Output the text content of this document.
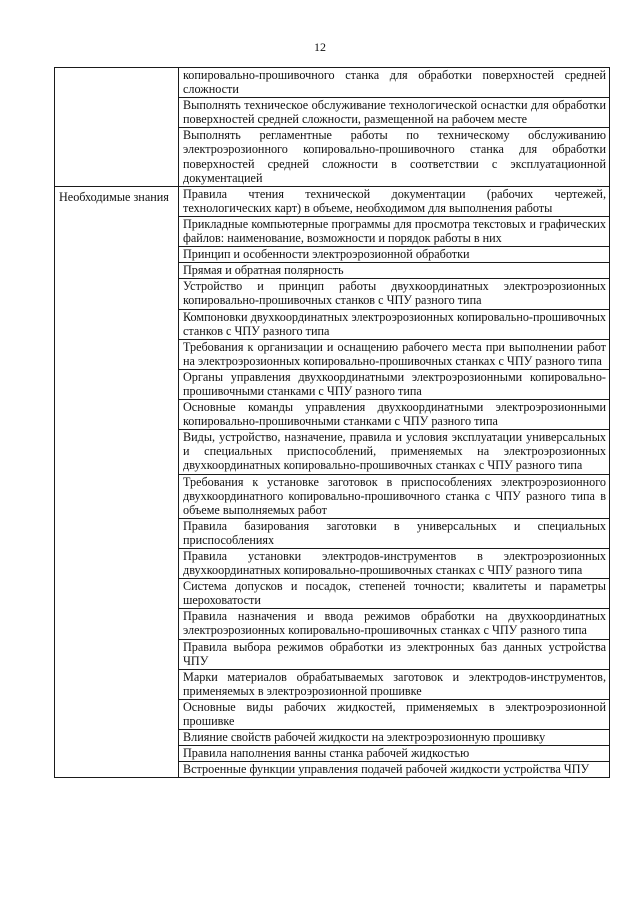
12
	копировально-прошивочного станка для обработки поверхностей средней сложности
	Выполнять техническое обслуживание технологической оснастки для обработки поверхностей средней сложности, размещенной на рабочем месте
	Выполнять регламентные работы по техническому обслуживанию электроэрозионного копировально-прошивочного станка для обработки поверхностей средней сложности в соответствии с эксплуатационной документацией
Необходимые знания	Правила чтения технической документации (рабочих чертежей, технологических карт) в объеме, необходимом для выполнения работы
	Прикладные компьютерные программы для просмотра текстовых и графических файлов: наименование, возможности и порядок работы в них
	Принцип и особенности электроэрозионной обработки
	Прямая и обратная полярность
	Устройство и принцип работы двухкоординатных электроэрозионных копировально-прошивочных станков с ЧПУ разного типа
	Компоновки двухкоординатных электроэрозионных копировально-прошивочных станков с ЧПУ разного типа
	Требования к организации и оснащению рабочего места при выполнении работ на электроэрозионных копировально-прошивочных станках с ЧПУ разного типа
	Органы управления двухкоординатными электроэрозионными копировально-прошивочными станками с ЧПУ разного типа
	Основные команды управления двухкоординатными электроэрозионными копировально-прошивочными станками с ЧПУ разного типа
	Виды, устройство, назначение, правила и условия эксплуатации универсальных и специальных приспособлений, применяемых на электроэрозионных двухкоординатных копировально-прошивочных станках с ЧПУ разного типа
	Требования к установке заготовок в приспособлениях электроэрозионного двухкоординатного копировально-прошивочного станка с ЧПУ разного типа в объеме выполняемых работ
	Правила базирования заготовки в универсальных и специальных приспособлениях
	Правила установки электродов-инструментов в электроэрозионных двухкоординатных копировально-прошивочных станках с ЧПУ разного типа
	Система допусков и посадок, степеней точности; квалитеты и параметры шероховатости
	Правила назначения и ввода режимов обработки на двухкоординатных электроэрозионных копировально-прошивочных станках с ЧПУ разного типа
	Правила выбора режимов обработки из электронных баз данных устройства ЧПУ
	Марки материалов обрабатываемых заготовок и электродов-инструментов, применяемых в электроэрозионной прошивке
	Основные виды рабочих жидкостей, применяемых в электроэрозионной прошивке
	Влияние свойств рабочей жидкости на электроэрозионную прошивку
	Правила наполнения ванны станка рабочей жидкостью
	Встроенные функции управления подачей рабочей жидкости устройства ЧПУ
